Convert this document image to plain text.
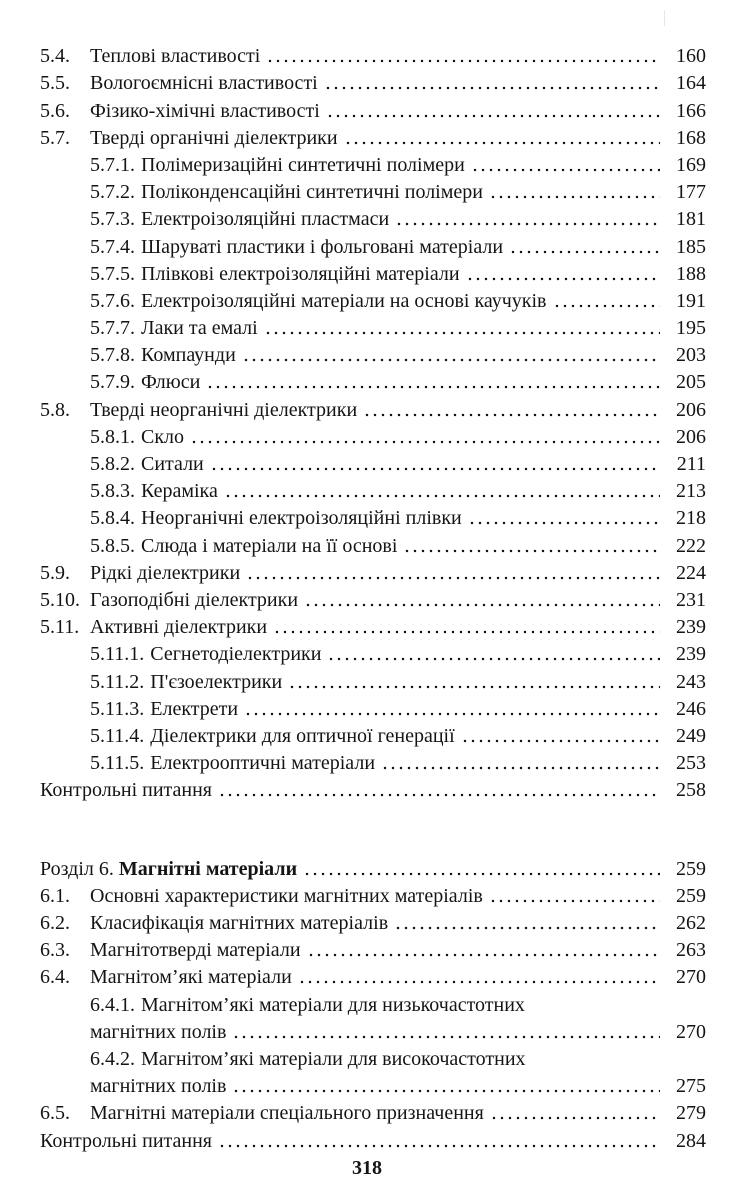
5.4.	Теплові властивості	160
5.5.	Вологоємнісні властивості	164
5.6.	Фізико-хімічні властивості	166
5.7.	Тверді органічні діелектрики	168
5.7.1. Полімеризаційні синтетичні полімери	169
5.7.2. Поліконденсаційні синтетичні полімери	177
5.7.3. Електроізоляційні пластмаси	181
5.7.4. Шаруваті пластики і фольговані матеріали	185
5.7.5. Плівкові електроізоляційні матеріали	188
5.7.6. Електроізоляційні матеріали на основі каучуків	191
5.7.7. Лаки та емалі	195
5.7.8. Компаунди	203
5.7.9. Флюси	205
5.8.	Тверді неорганічні діелектрики	206
5.8.1. Скло	206
5.8.2. Ситали	211
5.8.3. Кераміка	213
5.8.4. Неорганічні електроізоляційні плівки	218
5.8.5. Слюда і матеріали на її основі	222
5.9.	Рідкі діелектрики	224
5.10. Газоподібні діелектрики	231
5.11. Активні діелектрики	239
5.11.1. Сегнетодіелектрики	239
5.11.2. П'єзоелектрики	243
5.11.3. Електрети	246
5.11.4. Діелектрики для оптичної генерації	249
5.11.5. Електрооптичні матеріали	253
Контрольні питання	258
Розділ 6. Магнітні матеріали	259
6.1.	Основні характеристики магнітних матеріалів	259
6.2.	Класифікація магнітних матеріалів	262
6.3.	Магнітотверді матеріали	263
6.4.	Магнітом’які матеріали	270
6.4.1. Магнітом’які матеріали для низькочастотних
магнітних полів	270
6.4.2. Магнітом’які матеріали для високочастотних
магнітних полів	275
6.5.	Магнітні матеріали спеціального призначення	279
Контрольні питання	284
318
